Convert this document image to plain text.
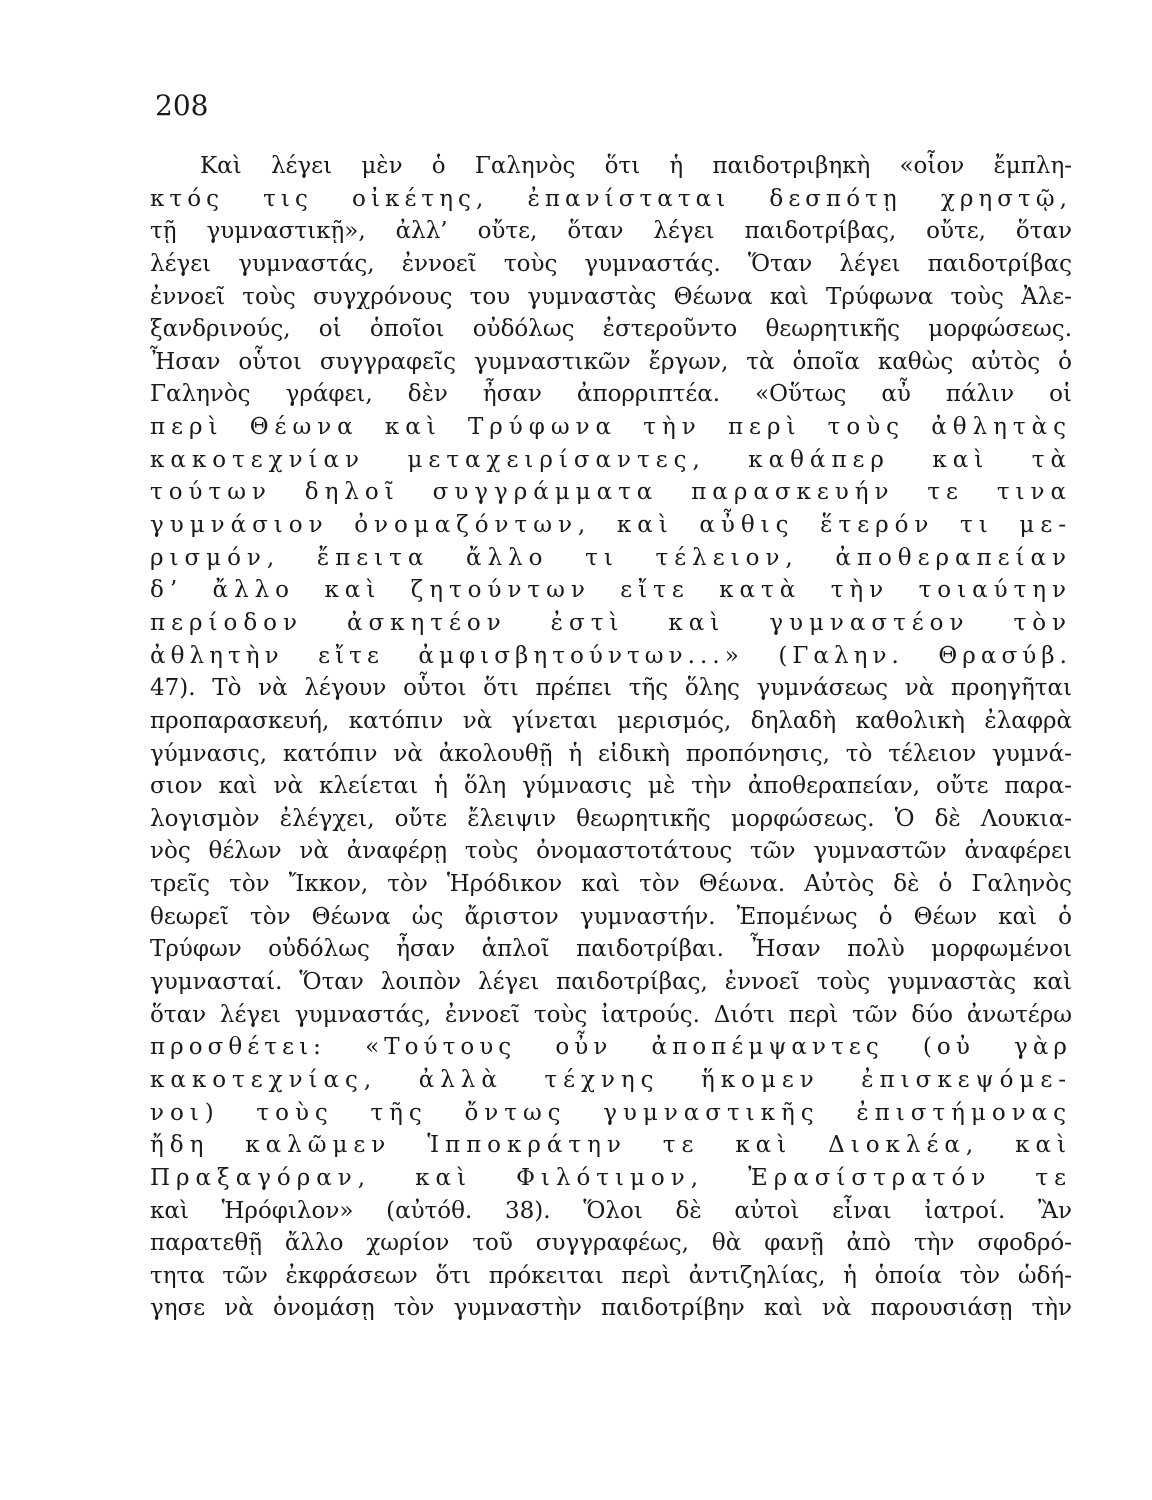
208
Καὶ λέγει μὲν ὁ Γαληνὸς ὅτι ἡ παιδοτριβηκὴ «οἷον ἔμπλη-
κτός τις οἰκέτης, ἐπανίσταται δεσπότῃ χρηστῷ,
τῇ γυμναστικῇ», ἀλλ’ οὔτε, ὅταν λέγει παιδοτρίβας, οὔτε, ὅταν
λέγει γυμναστάς, ἐννοεῖ τοὺς γυμναστάς. Ὅταν λέγει παιδοτρίβας
ἐννοεῖ τοὺς συγχρόνους του γυμναστὰς Θέωνα καὶ Τρύφωνα τοὺς Ἀλε-
ξανδρινούς, οἱ ὁποῖοι οὐδόλως ἐστεροῦντο θεωρητικῆς μορφώσεως.
Ἦσαν οὗτοι συγγραφεῖς γυμναστικῶν ἔργων, τὰ ὁποῖα καθὼς αὐτὸς ὁ
Γαληνὸς γράφει, δὲν ἦσαν ἀπορριπτέα. «Οὕτως αὖ πάλιν οἱ
περὶ Θέωνα καὶ Τρύφωνα τὴν περὶ τοὺς ἀθλητὰς
κακοτεχνίαν μεταχειρίσαντες, καθάπερ καὶ τὰ
τούτων δηλοῖ συγγράμματα παρασκευήν τε τινα
γυμνάσιον ὀνομαζόντων, καὶ αὖθις ἕτερόν τι με-
ρισμόν, ἔπειτα ἄλλο τι τέλειον, ἀποθεραπείαν
δ’ ἄλλο καὶ ζητούντων εἴτε κατὰ τὴν τοιαύτην
περίοδον ἀσκητέον ἐστὶ καὶ γυμναστέον τὸν
ἀθλητὴν εἴτε ἀμφισβητούντων...» (Γαλην. Θρασύβ.
47). Τὸ νὰ λέγουν οὗτοι ὅτι πρέπει τῆς ὅλης γυμνάσεως νὰ προηγῆται
προπαρασκευή, κατόπιν νὰ γίνεται μερισμός, δηλαδὴ καθολικὴ ἐλαφρὰ
γύμνασις, κατόπιν νὰ ἀκολουθῇ ἡ εἰδικὴ προπόνησις, τὸ τέλειον γυμνά-
σιον καὶ νὰ κλείεται ἡ ὅλη γύμνασις μὲ τὴν ἀποθεραπείαν, οὔτε παρα-
λογισμὸν ἐλέγχει, οὔτε ἔλειψιν θεωρητικῆς μορφώσεως. Ὁ δὲ Λουκια-
νὸς θέλων νὰ ἀναφέρῃ τοὺς ὀνομαστοτάτους τῶν γυμναστῶν ἀναφέρει
τρεῖς τὸν Ἴκκον, τὸν Ἡρόδικον καὶ τὸν Θέωνα. Αὐτὸς δὲ ὁ Γαληνὸς
θεωρεῖ τὸν Θέωνα ὡς ἄριστον γυμναστήν. Ἐπομένως ὁ Θέων καὶ ὁ
Τρύφων οὐδόλως ἦσαν ἁπλοῖ παιδοτρίβαι. Ἦσαν πολὺ μορφωμένοι
γυμνασταί. Ὅταν λοιπὸν λέγει παιδοτρίβας, ἐννοεῖ τοὺς γυμναστὰς καὶ
ὅταν λέγει γυμναστάς, ἐννοεῖ τοὺς ἰατρούς. Διότι περὶ τῶν δύο ἀνωτέρω
προσθέτει: «Τούτους οὖν ἀποπέμψαντες (οὐ γὰρ
κακοτεχνίας, ἀλλὰ τέχνης ἥκομεν ἐπισκεψόμε-
νοι) τοὺς τῆς ὄντως γυμναστικῆς ἐπιστήμονας
ἤδη καλῶμεν Ἱπποκράτην τε καὶ Διοκλέα, καὶ
Πραξαγόραν, καὶ Φιλότιμον, Ἐρασίστρατόν τε
καὶ Ἡρόφιλον» (αὐτόθ. 38). Ὅλοι δὲ αὐτοὶ εἶναι ἰατροί. Ἂν
παρατεθῇ ἄλλο χωρίον τοῦ συγγραφέως, θὰ φανῇ ἀπὸ τὴν σφοδρό-
τητα τῶν ἐκφράσεων ὅτι πρόκειται περὶ ἀντιζηλίας, ἡ ὁποία τὸν ὡδή-
γησε νὰ ὀνομάσῃ τὸν γυμναστὴν παιδοτρίβην καὶ νὰ παρουσιάσῃ τὴν
